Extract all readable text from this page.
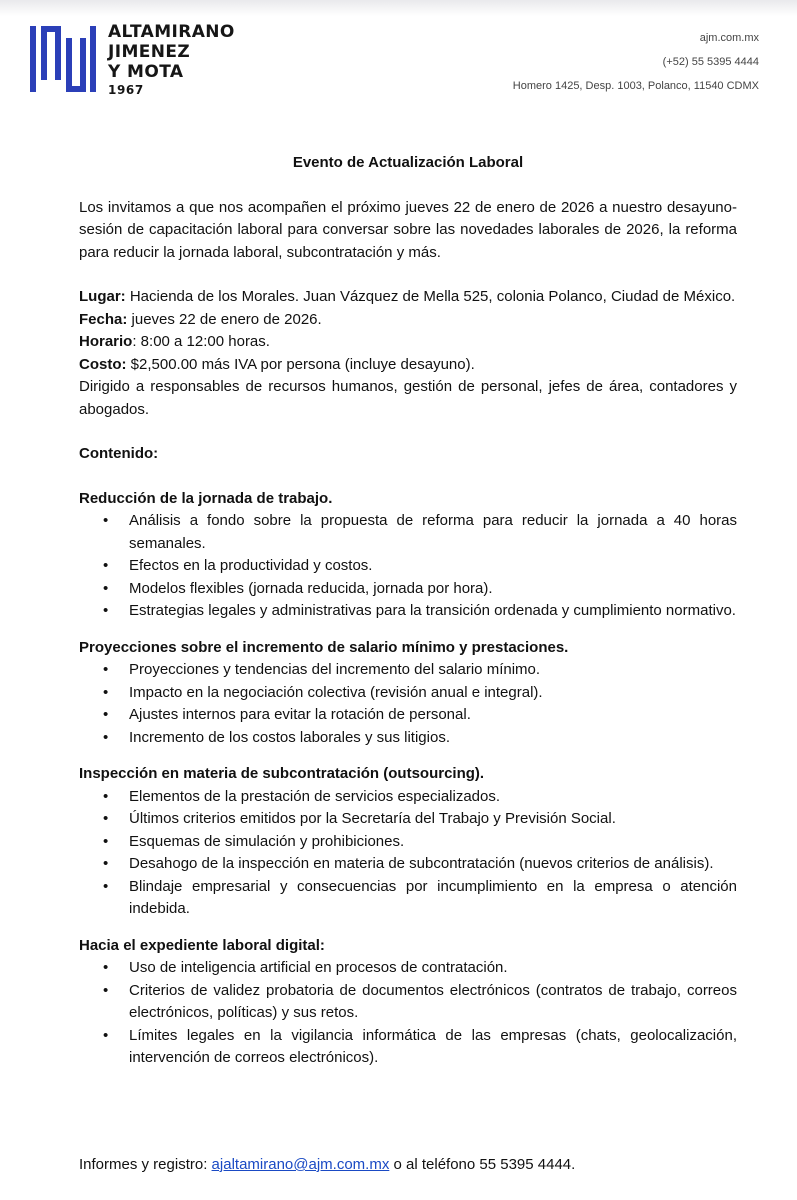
ALTAMIRANO
JIMENEZ
Y MOTA
1967
ajm.com.mx
(+52) 55 5395 4444
Homero 1425, Desp. 1003, Polanco, 11540 CDMX
Evento de Actualización Laboral

Los invitamos a que nos acompañen el próximo jueves 22 de enero de 2026 a nuestro desayuno-sesión de capacitación laboral para conversar sobre las novedades laborales de 2026, la reforma para reducir la jornada laboral, subcontratación y más.

Lugar: Hacienda de los Morales. Juan Vázquez de Mella 525, colonia Polanco, Ciudad de México.

Fecha: jueves 22 de enero de 2026.

Horario: 8:00 a 12:00 horas.

Costo: $2,500.00 más IVA por persona (incluye desayuno).

Dirigido a responsables de recursos humanos, gestión de personal, jefes de área, contadores y abogados.

Contenido:

Reducción de la jornada de trabajo.

• Análisis a fondo sobre la propuesta de reforma para reducir la jornada a 40 horas semanales.
• Efectos en la productividad y costos.
• Modelos flexibles (jornada reducida, jornada por hora).
• Estrategias legales y administrativas para la transición ordenada y cumplimiento normativo.

Proyecciones sobre el incremento de salario mínimo y prestaciones.

• Proyecciones y tendencias del incremento del salario mínimo.
• Impacto en la negociación colectiva (revisión anual e integral).
• Ajustes internos para evitar la rotación de personal.
• Incremento de los costos laborales y sus litigios.

Inspección en materia de subcontratación (outsourcing).

• Elementos de la prestación de servicios especializados.
• Últimos criterios emitidos por la Secretaría del Trabajo y Previsión Social.
• Esquemas de simulación y prohibiciones.
• Desahogo de la inspección en materia de subcontratación (nuevos criterios de análisis).
• Blindaje empresarial y consecuencias por incumplimiento en la empresa o atención indebida.

Hacia el expediente laboral digital:

• Uso de inteligencia artificial en procesos de contratación.
• Criterios de validez probatoria de documentos electrónicos (contratos de trabajo, correos electrónicos, políticas) y sus retos.
• Límites legales en la vigilancia informática de las empresas (chats, geolocalización, intervención de correos electrónicos).
Informes y registro: ajaltamirano@ajm.com.mx o al teléfono 55 5395 4444.
